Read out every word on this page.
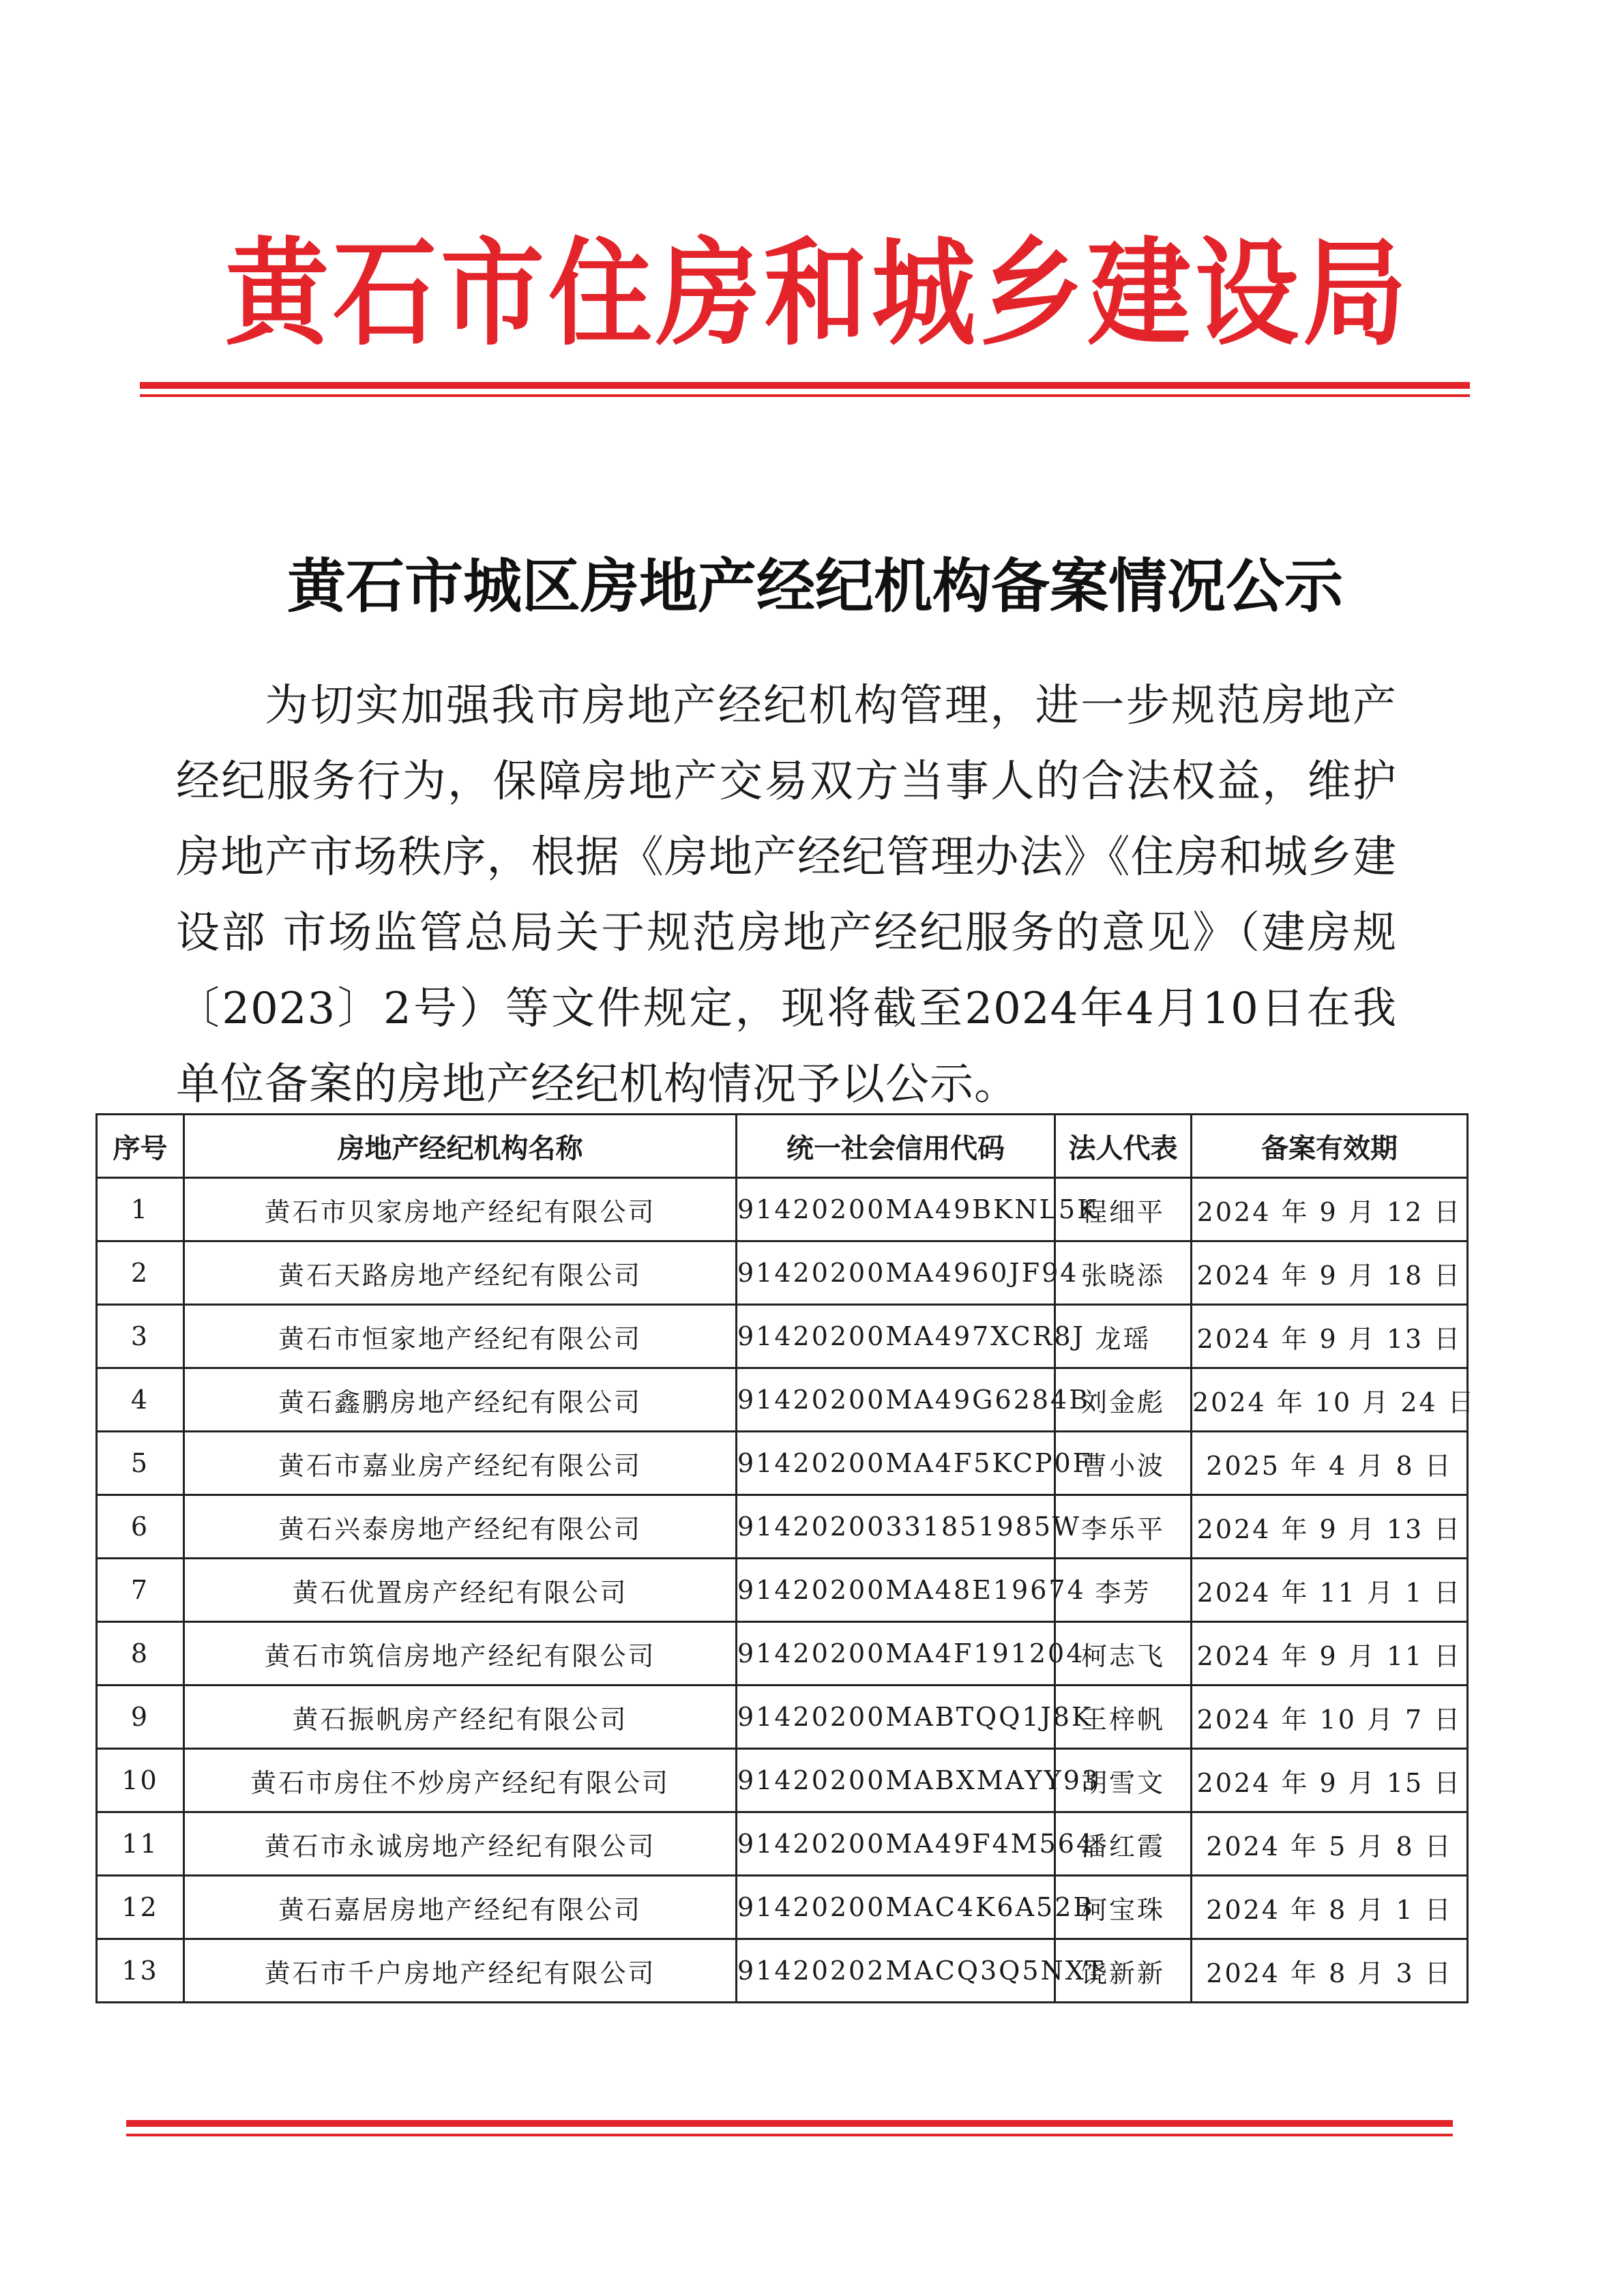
黄石市住房和城乡建设局
黄石市城区房地产经纪机构备案情况公示
为切实加强我市房地产经纪机构管理，进一步规范房地产经纪服务行为，保障房地产交易双方当事人的合法权益，维护房地产市场秩序，根据《房地产经纪管理办法》《住房和城乡建设部 市场监管总局关于规范房地产经纪服务的意见》（建房规〔2023〕2号）等文件规定，现将截至2024年4月10日在我单位备案的房地产经纪机构情况予以公示。
序号	房地产经纪机构名称	统一社会信用代码	法人代表	备案有效期
1	黄石市贝家房地产经纪有限公司	91420200MA49BKNL5K	程细平	2024 年 9 月 12 日
2	黄石天路房地产经纪有限公司	91420200MA4960JF94	张晓添	2024 年 9 月 18 日
3	黄石市恒家地产经纪有限公司	91420200MA497XCR8J	龙瑶	2024 年 9 月 13 日
4	黄石鑫鹏房地产经纪有限公司	91420200MA49G6284B	刘金彪	2024 年 10 月 24 日
5	黄石市嘉业房产经纪有限公司	91420200MA4F5KCP0F	曹小波	2025 年 4 月 8 日
6	黄石兴泰房地产经纪有限公司	914202003318519​85W	李乐平	2024 年 9 月 13 日
7	黄石优置房产经纪有限公司	91420200MA48E19674	李芳	2024 年 11 月 1 日
8	黄石市筑信房地产经纪有限公司	91420200MA4F191204	柯志飞	2024 年 9 月 11 日
9	黄石振帆房产经纪有限公司	91420200MABTQQ1J8K	王梓帆	2024 年 10 月 7 日
10	黄石市房住不炒房产经纪有限公司	91420200MABXMAYY93	胡雪文	2024 年 9 月 15 日
11	黄石市永诚房地产经纪有限公司	91420200MA49F4M564	潘红霞	2024 年 5 月 8 日
12	黄石嘉居房地产经纪有限公司	91420200MAC4K6A52B	柯宝珠	2024 年 8 月 1 日
13	黄石市千户房地产经纪有限公司	91420202MACQ3Q5NXT	饶新新	2024 年 8 月 3 日
